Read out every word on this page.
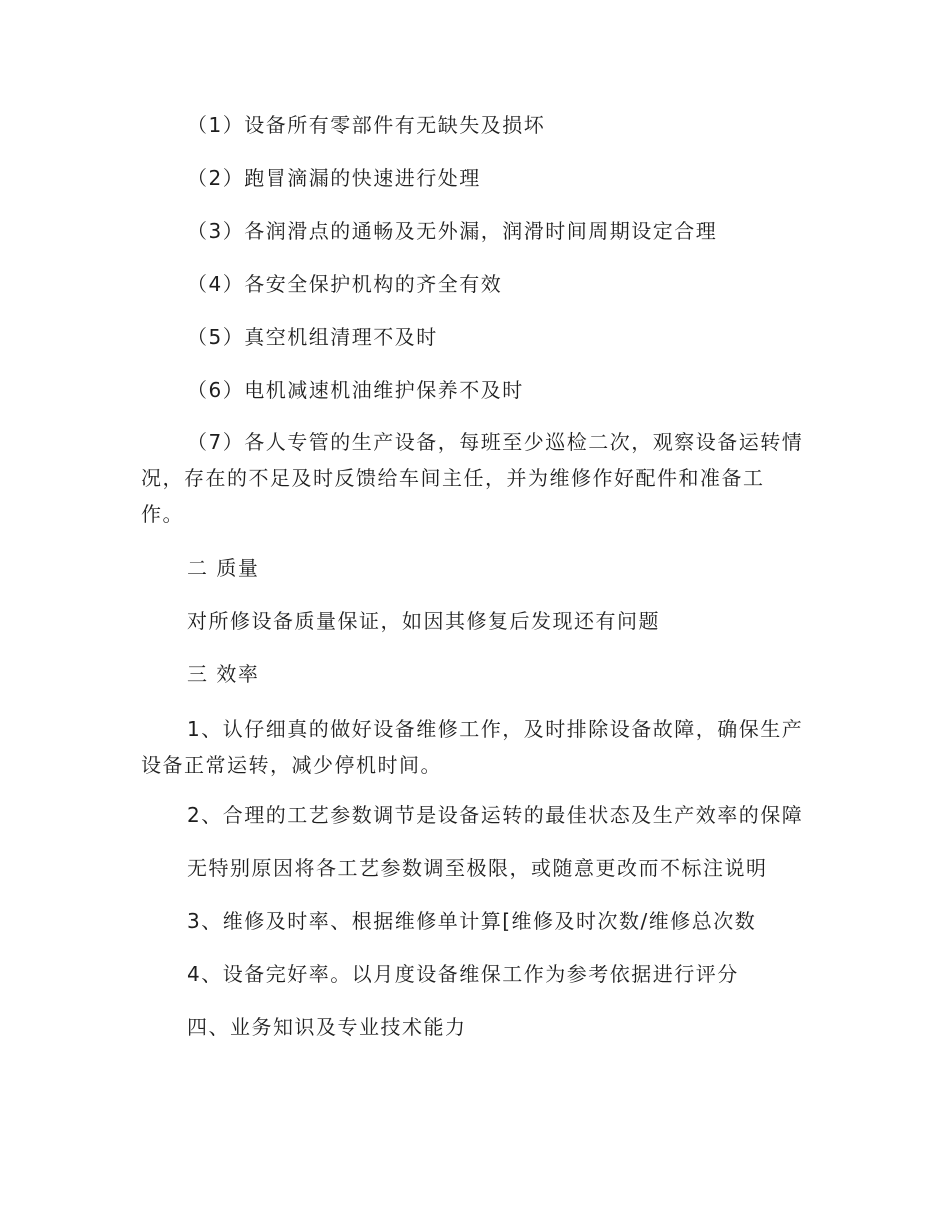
（1）设备所有零部件有无缺失及损坏
（2）跑冒滴漏的快速进行处理
（3）各润滑点的通畅及无外漏，润滑时间周期设定合理
（4）各安全保护机构的齐全有效
（5）真空机组清理不及时
（6）电机减速机油维护保养不及时
（7）各人专管的生产设备，每班至少巡检二次，观察设备运转情
况，存在的不足及时反馈给车间主任，并为维修作好配件和准备工
作。
二 质量
对所修设备质量保证，如因其修复后发现还有问题
三 效率
1、认仔细真的做好设备维修工作，及时排除设备故障，确保生产
设备正常运转，减少停机时间。
2、合理的工艺参数调节是设备运转的最佳状态及生产效率的保障
无特别原因将各工艺参数调至极限，或随意更改而不标注说明
3、维修及时率、根据维修单计算[维修及时次数/维修总次数
4、设备完好率。以月度设备维保工作为参考依据进行评分
四、业务知识及专业技术能力
